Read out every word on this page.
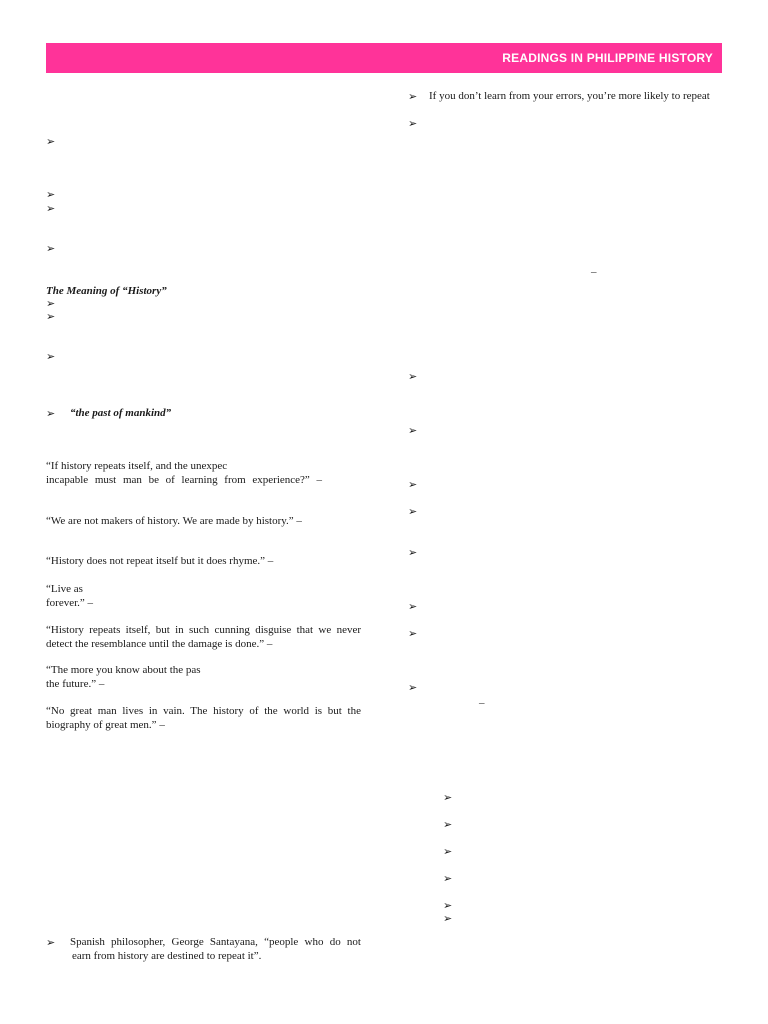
READINGS IN PHILIPPINE HISTORY
➢
➢
➢
➢
The Meaning of “History”
➢
➢
➢
➢ “the past of mankind”
“If history repeats itself, and the unexpec
incapable must man be of learning from experience?” –
“We are not makers of history. We are made by history.” –
“History does not repeat itself but it does rhyme.” –
“Live as
forever.” –
“History repeats itself, but in such cunning disguise that we never
detect the resemblance until the damage is done.” –
“The more you know about the pas
the future.” –
“No great man lives in vain. The history of the world is but the
biography of great men.” –
➢ Spanish philosopher, George Santayana, “people who do not
earn from history are destined to repeat it”.
➢ If you don’t learn from your errors, you’re more likely to repeat
➢
–
➢
➢
➢
➢
➢
➢
➢
➢
–
➢
➢
➢
➢
➢
➢
